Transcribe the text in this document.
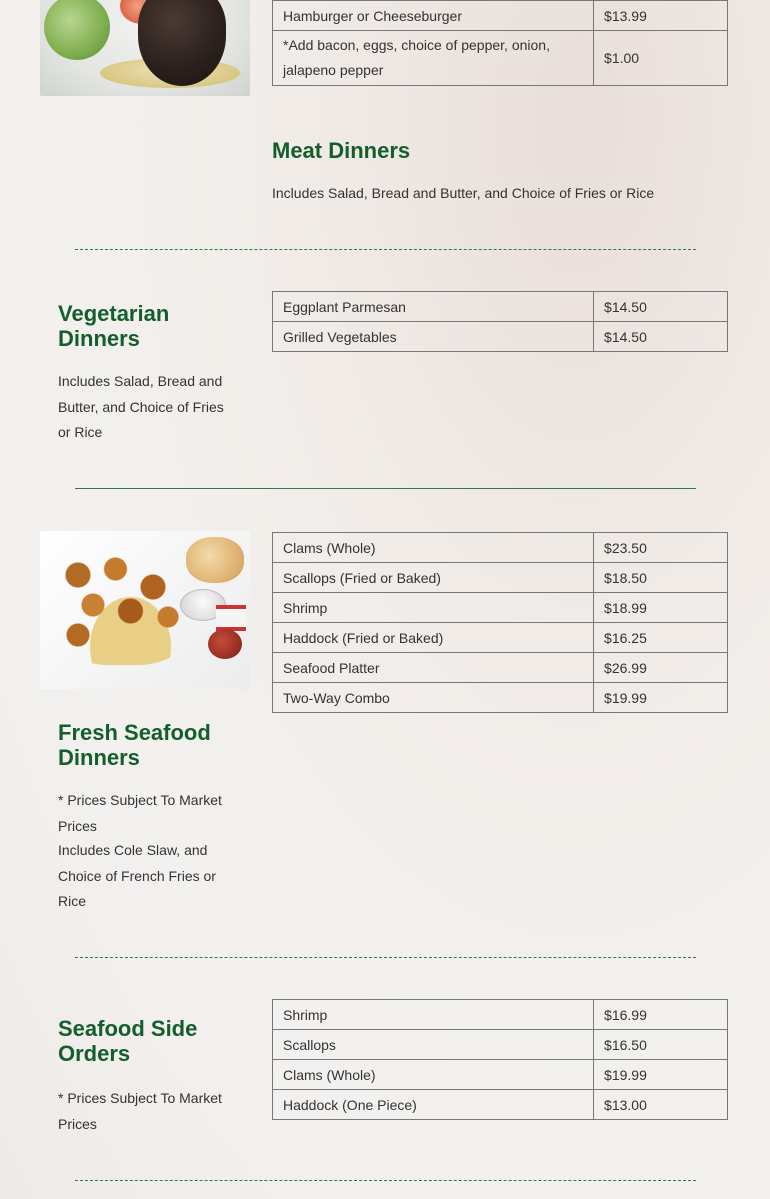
Hamburger or Cheeseburger	$13.99
*Add bacon, eggs, choice of pepper, onion, jalapeno pepper	$1.00
Meat Dinners

Includes Salad, Bread and Butter, and Choice of Fries or Rice

Vegetarian Dinners

Includes Salad, Bread and Butter, and Choice of Fries or Rice

Eggplant Parmesan	$14.50
Grilled Vegetables	$14.50
Fresh Seafood Dinners

* Prices Subject To Market Prices

Includes Cole Slaw, and Choice of French Fries or Rice

Clams (Whole)	$23.50
Scallops (Fried or Baked)	$18.50
Shrimp	$18.99
Haddock (Fried or Baked)	$16.25
Seafood Platter	$26.99
Two-Way Combo	$19.99
Seafood Side Orders

* Prices Subject To Market Prices

Shrimp	$16.99
Scallops	$16.50
Clams (Whole)	$19.99
Haddock (One Piece)	$13.00
